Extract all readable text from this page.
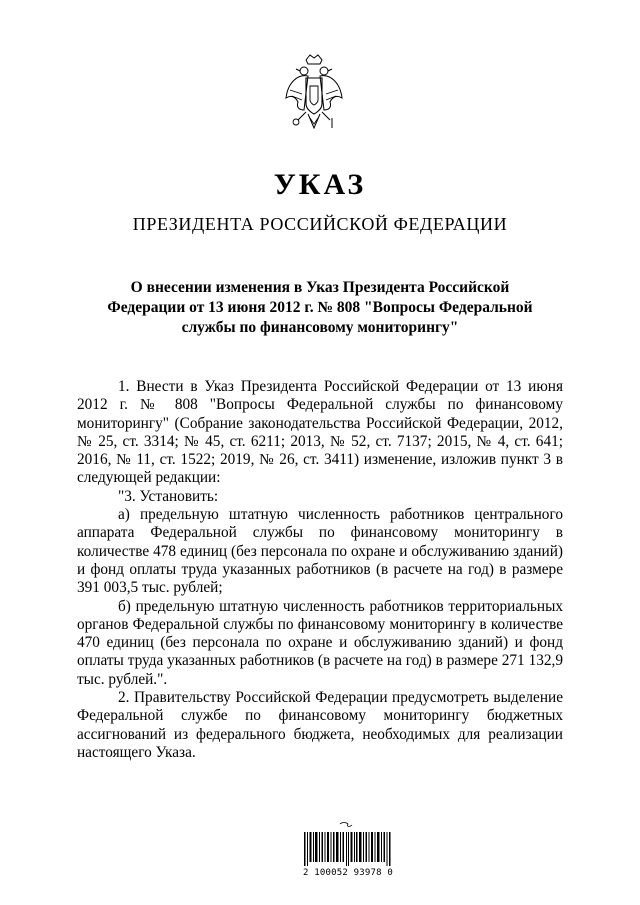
УКАЗ
ПРЕЗИДЕНТА РОССИЙСКОЙ ФЕДЕРАЦИИ
О внесении изменения в Указ Президента Российской Федерации от 13 июня 2012 г. № 808 "Вопросы Федеральной службы по финансовому мониторингу"

1. Внести в Указ Президента Российской Федерации от 13 июня 2012 г. № 808 "Вопросы Федеральной службы по финансовому мониторингу" (Собрание законодательства Российской Федерации, 2012, № 25, ст. 3314; № 45, ст. 6211; 2013, № 52, ст. 7137; 2015, № 4, ст. 641; 2016, № 11, ст. 1522; 2019, № 26, ст. 3411) изменение, изложив пункт 3 в следующей редакции:

"3. Установить:

а) предельную штатную численность работников центрального аппарата Федеральной службы по финансовому мониторингу в количестве 478 единиц (без персонала по охране и обслуживанию зданий) и фонд оплаты труда указанных работников (в расчете на год) в размере 391 003,5 тыс. рублей;

б) предельную штатную численность работников территориальных органов Федеральной службы по финансовому мониторингу в количестве 470 единиц (без персонала по охране и обслуживанию зданий) и фонд оплаты труда указанных работников (в расчете на год) в размере 271 132,9 тыс. рублей.".

2. Правительству Российской Федерации предусмотреть выделение Федеральной службе по финансовому мониторингу бюджетных ассигнований из федерального бюджета, необходимых для реализации настоящего Указа.

2 100052 93978 0
